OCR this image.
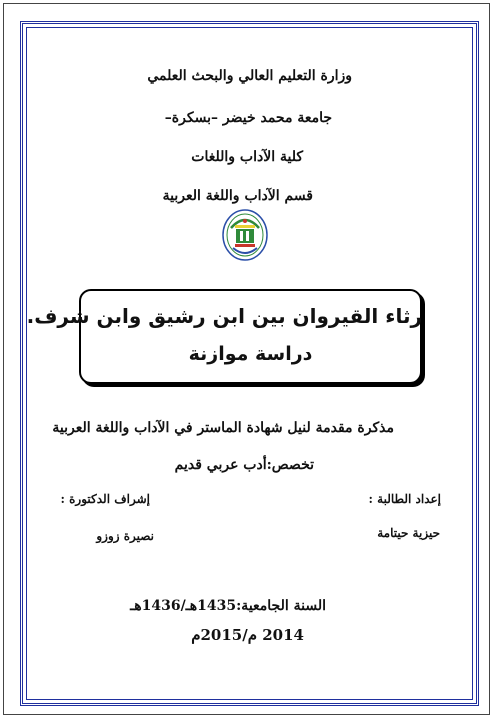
وزارة التعليم العالي والبحث العلمي
جامعة محمد خيضر –بسكرة–
كلية الآداب واللغات
قسم الآداب واللغة العربية
رثاء القيروان بين ابن رشيق وابن شرف.
دراسة موازنة
مذكرة مقدمة لنيل شهادة الماستر في الآداب واللغة العربية
تخصص:أدب عربي قديم
إعداد الطالبة :
إشراف الدكتورة :
حيزية حيتامة
نصيرة زوزو
السنة الجامعية:1435هـ/1436هـ
2014 م/2015م
